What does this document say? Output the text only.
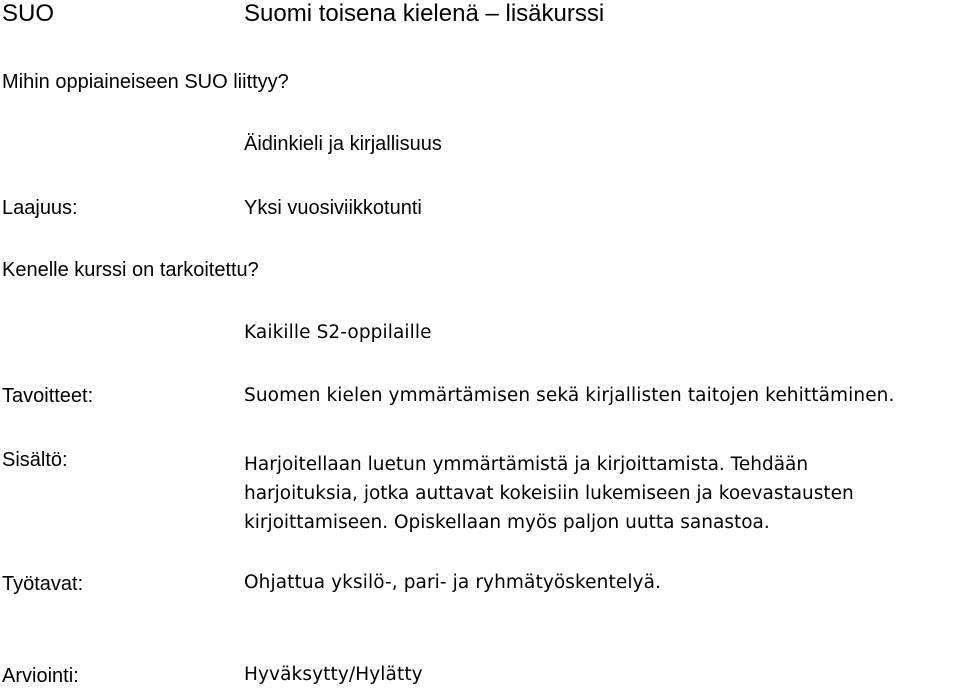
SUO	Suomi toisena kielenä – lisäkurssi
Mihin oppiaineiseen SUO liittyy?
Äidinkieli ja kirjallisuus
Laajuus:	Yksi vuosiviikkotunti
Kenelle kurssi on tarkoitettu?
Kaikille S2-oppilaille
Tavoitteet:	Suomen kielen ymmärtämisen sekä kirjallisten taitojen kehittäminen.
Sisältö:	Harjoitellaan luetun ymmärtämistä ja kirjoittamista. Tehdään
harjoituksia, jotka auttavat kokeisiin lukemiseen ja koevastausten
kirjoittamiseen. Opiskellaan myös paljon uutta sanastoa.
Työtavat:	Ohjattua yksilö-, pari- ja ryhmätyöskentelyä.
Arviointi:	Hyväksytty/Hylätty
